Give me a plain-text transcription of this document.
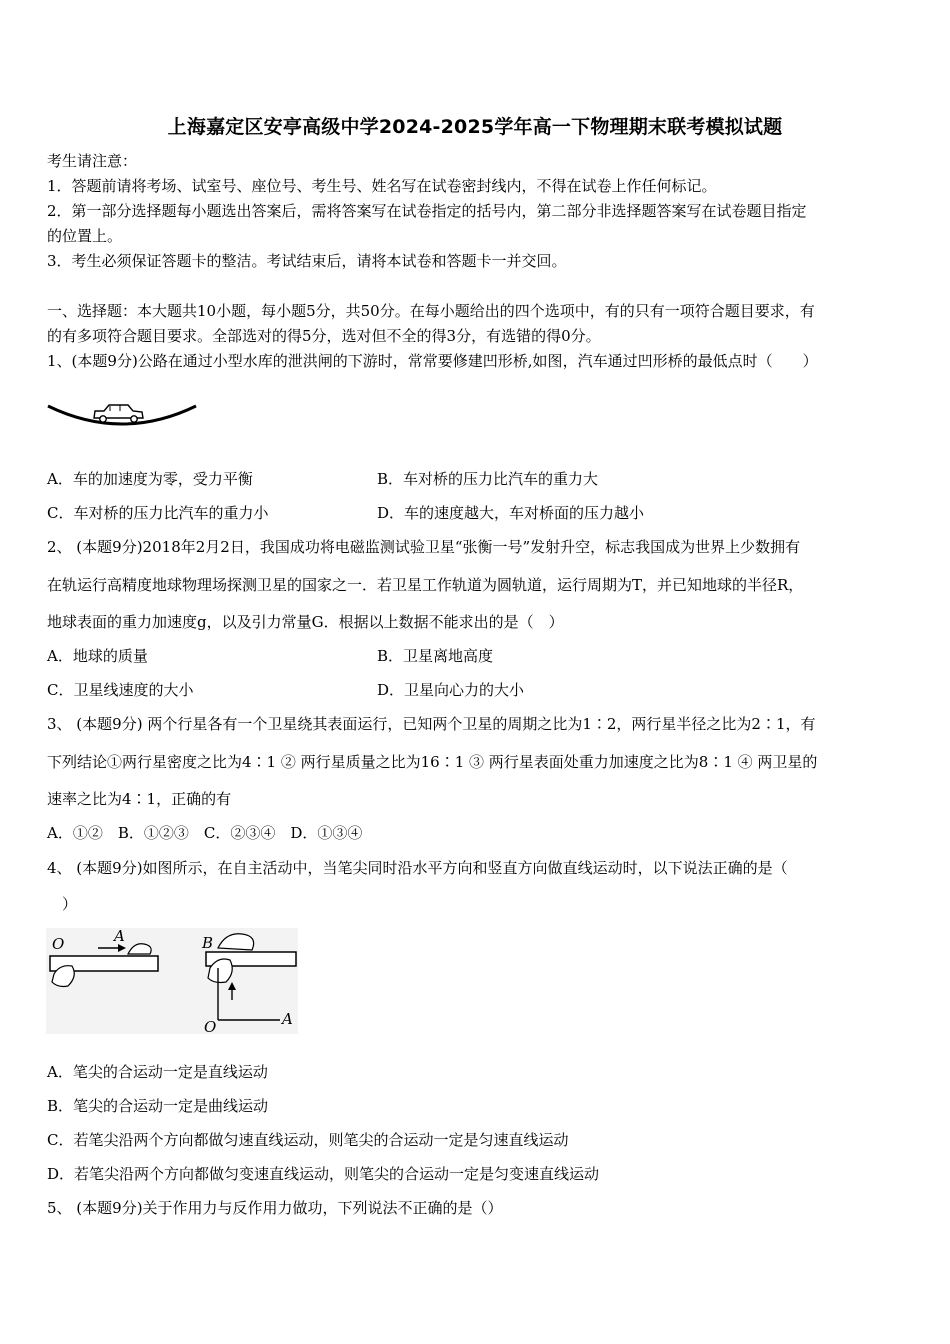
上海嘉定区安亭高级中学2024-2025学年高一下物理期末联考模拟试题
考生请注意：
1．答题前请将考场、试室号、座位号、考生号、姓名写在试卷密封线内，不得在试卷上作任何标记。
2．第一部分选择题每小题选出答案后，需将答案写在试卷指定的括号内，第二部分非选择题答案写在试卷题目指定
的位置上。
3．考生必须保证答题卡的整洁。考试结束后，请将本试卷和答题卡一并交回。
一、选择题：本大题共10小题，每小题5分，共50分。在每小题给出的四个选项中，有的只有一项符合题目要求，有
的有多项符合题目要求。全部选对的得5分，选对但不全的得3分，有选错的得0分。
1、(本题9分)公路在通过小型水库的泄洪闸的下游时，常常要修建凹形桥,如图，汽车通过凹形桥的最低点时（　　）
A．车的加速度为零，受力平衡	B．车对桥的压力比汽车的重力大
C．车对桥的压力比汽车的重力小	D．车的速度越大，车对桥面的压力越小
2、 (本题9分)2018年2月2日，我国成功将电磁监测试验卫星“张衡一号”发射升空，标志我国成为世界上少数拥有
在轨运行高精度地球物理场探测卫星的国家之一．若卫星工作轨道为圆轨道，运行周期为T，并已知地球的半径R，
地球表面的重力加速度g，以及引力常量G．根据以上数据不能求出的是（　）
A．地球的质量	B．卫星离地高度
C．卫星线速度的大小	D．卫星向心力的大小
3、 (本题9分) 两个行星各有一个卫星绕其表面运行，已知两个卫星的周期之比为1∶2，两行星半径之比为2∶1，有
下列结论①两行星密度之比为4∶1 ② 两行星质量之比为16∶1 ③ 两行星表面处重力加速度之比为8∶1 ④ 两卫星的
速率之比为4∶1，正确的有
A．①②　B．①②③　C．②③④　D．①③④
4、 (本题9分)如图所示，在自主活动中，当笔尖同时沿水平方向和竖直方向做直线运动时，以下说法正确的是（
　）
O	A	B
O	A
A．笔尖的合运动一定是直线运动
B．笔尖的合运动一定是曲线运动
C．若笔尖沿两个方向都做匀速直线运动，则笔尖的合运动一定是匀速直线运动
D．若笔尖沿两个方向都做匀变速直线运动，则笔尖的合运动一定是匀变速直线运动
5、 (本题9分)关于作用力与反作用力做功，下列说法不正确的是（）
